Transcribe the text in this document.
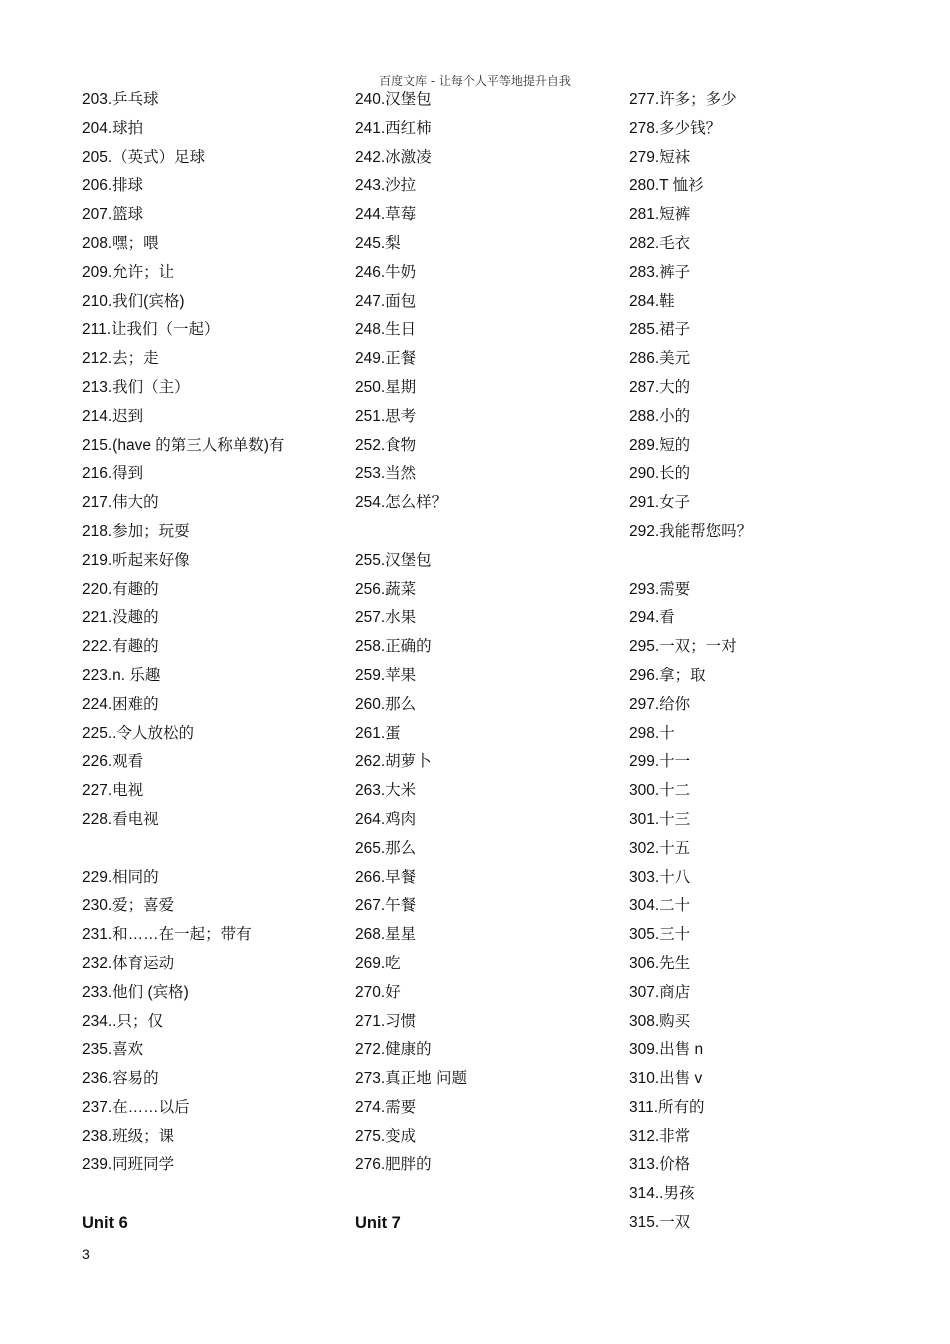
百度文库 - 让每个人平等地提升自我
203.乒乓球
204.球拍
205.（英式）足球
206.排球
207.篮球
208.嘿；喂
209.允许；让
210.我们(宾格)
211.让我们（一起）
212.去；走
213.我们（主）
214.迟到
215.(have 的第三人称单数)有
216.得到
217.伟大的
218.参加；玩耍
219.听起来好像
220.有趣的
221.没趣的
222.有趣的
223.n. 乐趣
224.困难的
225..令人放松的
226.观看
227.电视
228.看电视
229.相同的
230.爱；喜爱
231.和……在一起；带有
232.体育运动
233.他们 (宾格)
234..只；仅
235.喜欢
236.容易的
237.在……以后
238.班级；课
239.同班同学
Unit 6
240.汉堡包
241.西红柿
242.冰激凌
243.沙拉
244.草莓
245.梨
246.牛奶
247.面包
248.生日
249.正餐
250.星期
251.思考
252.食物
253.当然
254.怎么样？
255.汉堡包
256.蔬菜
257.水果
258.正确的
259.苹果
260.那么
261.蛋
262.胡萝卜
263.大米
264.鸡肉
265.那么
266.早餐
267.午餐
268.星星
269.吃
270.好
271.习惯
272.健康的
273.真正地 问题
274.需要
275.变成
276.肥胖的
Unit 7
277.许多；多少
278.多少钱？
279.短袜
280.T 恤衫
281.短裤
282.毛衣
283.裤子
284.鞋
285.裙子
286.美元
287.大的
288.小的
289.短的
290.长的
291.女子
292.我能帮您吗？
293.需要
294.看
295.一双；一对
296.拿；取
297.给你
298.十
299.十一
300.十二
301.十三
302.十五
303.十八
304.二十
305.三十
306.先生
307.商店
308.购买
309.出售 n
310.出售 v
311.所有的
312.非常
313.价格
314..男孩
315.一双
3
